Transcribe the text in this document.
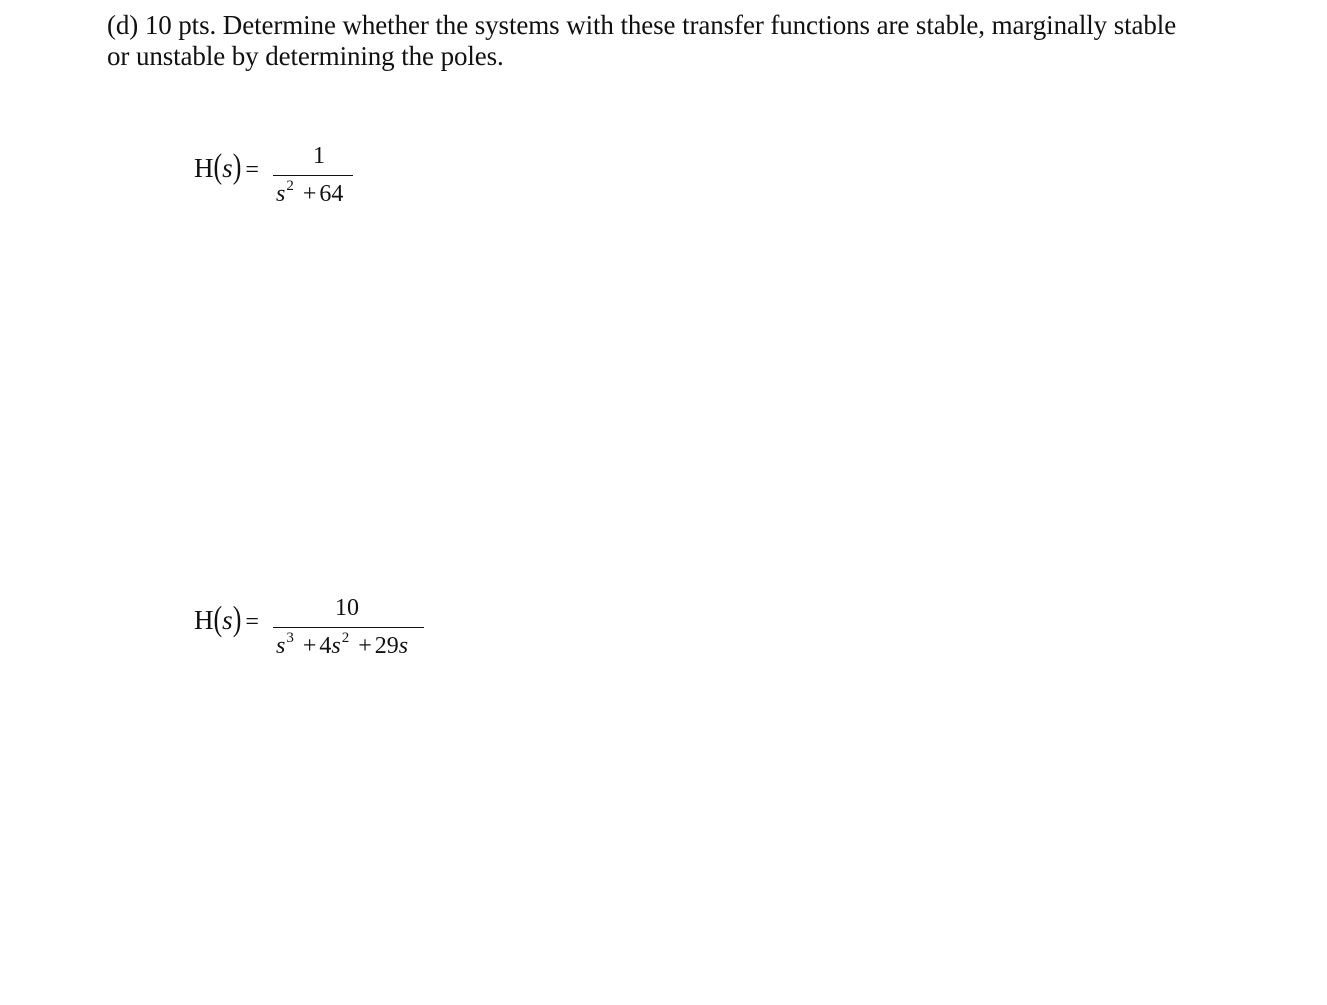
(d) 10 pts. Determine whether the systems with these transfer functions are stable, marginally stable
or unstable by determining the poles.
H(s) =
1
$s^2 + 64$
H(s) =
10
$s^3 + 4s^2 + 29s$
